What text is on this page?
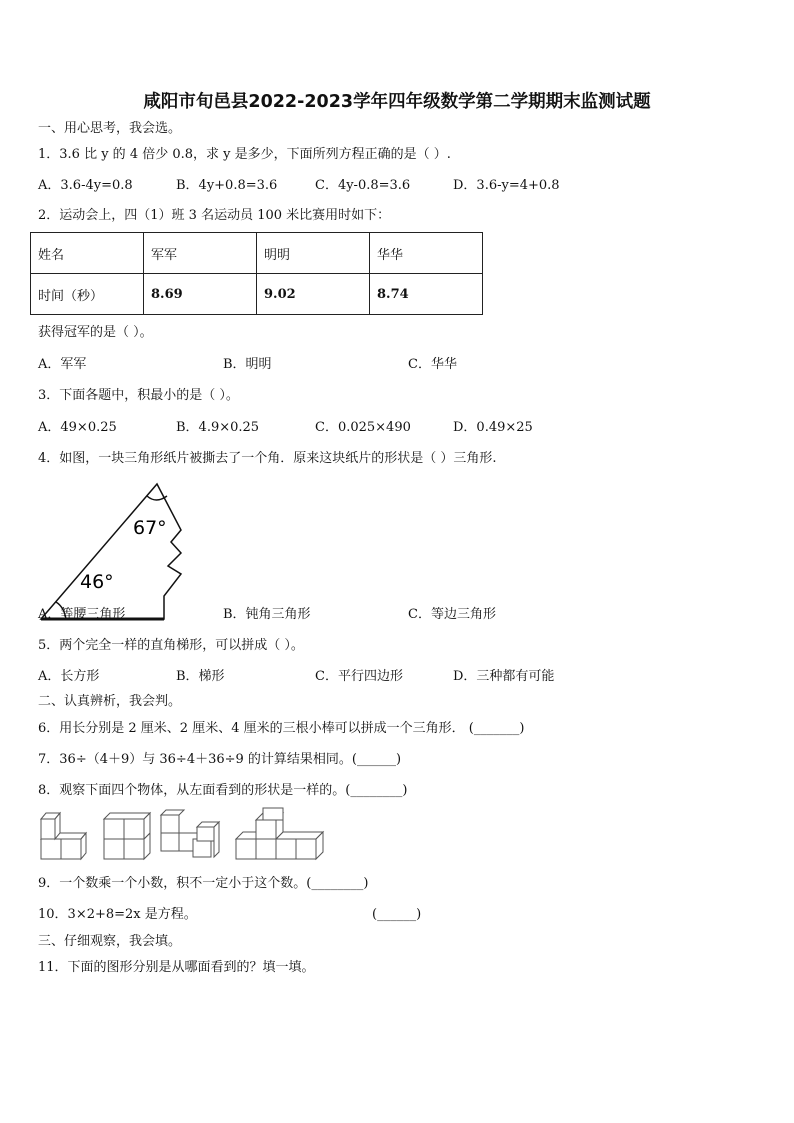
咸阳市旬邑县2022-2023学年四年级数学第二学期期末监测试题
一、用心思考，我会选。
1．3.6 比 y 的 4 倍少 0.8，求 y 是多少，下面所列方程正确的是（ ）.
A．3.6-4y=0.8	B．4y+0.8=3.6	C．4y-0.8=3.6	D．3.6-y=4+0.8
2．运动会上，四（1）班 3 名运动员 100 米比赛用时如下：
姓名	军军	明明	华华
时间（秒）	8.69	9.02	8.74
获得冠军的是（ ）。
A．军军	B．明明	C．华华
3．下面各题中，积最小的是（ ）。
A．49×0.25	B．4.9×0.25	C．0.025×490	D．0.49×25
4．如图，一块三角形纸片被撕去了一个角．原来这块纸片的形状是（ ）三角形.
67°
46°
A．等腰三角形	B．钝角三角形	C．等边三角形
5．两个完全一样的直角梯形，可以拼成（ ）。
A．长方形	B．梯形	C．平行四边形	D．三种都有可能
二、认真辨析，我会判。
6．用长分别是 2 厘米、2 厘米、4 厘米的三根小棒可以拼成一个三角形． (_______)
7．36÷（4＋9）与 36÷4＋36÷9 的计算结果相同。(______)
8．观察下面四个物体，从左面看到的形状是一样的。(________)
9．一个数乘一个小数，积不一定小于这个数。(________)
10．3×2+8=2x 是方程。	(______)
三、仔细观察，我会填。
11．下面的图形分别是从哪面看到的？填一填。
